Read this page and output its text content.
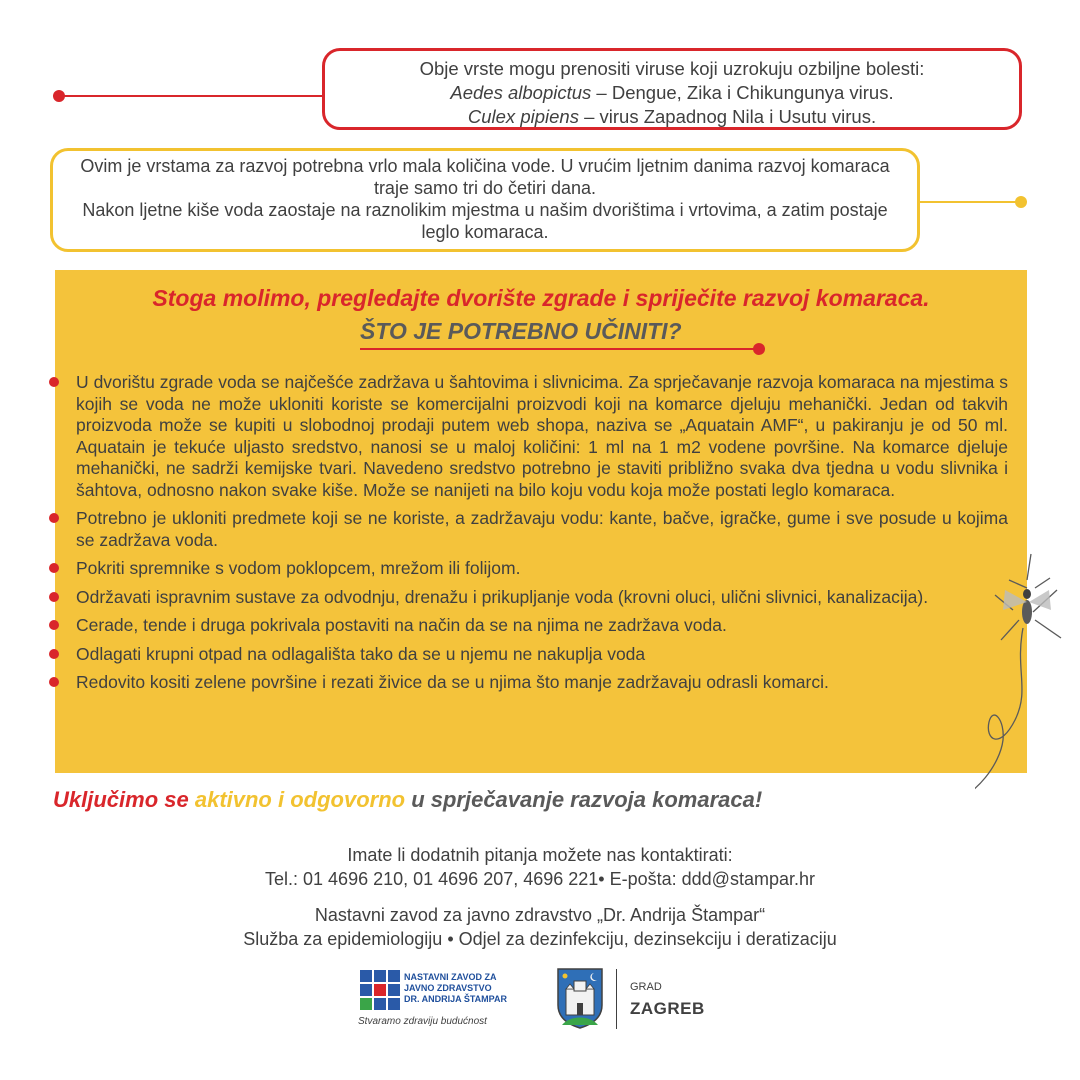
Obje vrste mogu prenositi viruse koji uzrokuju ozbiljne bolesti:
Aedes albopictus – Dengue, Zika i Chikungunya virus.
Culex pipiens – virus Zapadnog Nila i Usutu virus.
Ovim je vrstama za razvoj potrebna vrlo mala količina vode. U vrućim ljetnim danima razvoj komaraca traje samo tri do četiri dana.
Nakon ljetne kiše voda zaostaje na raznolikim mjestma u našim dvorištima i vrtovima, a zatim postaje leglo komaraca.
Stoga molimo, pregledajte dvorište zgrade i spriječite razvoj komaraca.
ŠTO JE POTREBNO UČINITI?
U dvorištu zgrade voda se najčešće zadržava u šahtovima i slivnicima. Za sprječavanje razvoja komaraca na mjestima s kojih se voda ne može ukloniti koriste se komercijalni proizvodi koji na komarce djeluju mehanički. Jedan od takvih proizvoda može se kupiti u slobodnoj prodaji putem web shopa, naziva se „Aquatain AMF“, u pakiranju je od 50 ml. Aquatain je tekuće uljasto sredstvo, nanosi se u maloj količini: 1 ml na 1 m2 vodene površine. Na komarce djeluje mehanički, ne sadrži kemijske tvari. Navedeno sredstvo potrebno je staviti približno svaka dva tjedna u vodu slivnika i šahtova, odnosno nakon svake kiše. Može se nanijeti na bilo koju vodu koja može postati leglo komaraca.
Potrebno je ukloniti predmete koji se ne koriste, a zadržavaju vodu: kante, bačve, igračke, gume i sve posude u kojima se zadržava voda.
Pokriti spremnike s vodom poklopcem, mrežom ili folijom.
Održavati ispravnim sustave za odvodnju, drenažu i prikupljanje voda (krovni oluci, ulični slivnici, kanalizacija).
Cerade, tende i druga pokrivala postaviti na način da se na njima ne zadržava voda.
Odlagati krupni otpad na odlagališta tako da se u njemu ne nakuplja voda
Redovito kositi zelene površine i rezati živice da se u njima što manje zadržavaju odrasli komarci.
Uključimo se aktivno i odgovorno u sprječavanje razvoja komaraca!
Imate li dodatnih pitanja možete nas kontaktirati:
Tel.: 01 4696 210, 01 4696 207, 4696 221• E-pošta: ddd@stampar.hr
Nastavni zavod za javno zdravstvo „Dr. Andrija Štampar“
Služba za epidemiologiju • Odjel za dezinfekciju, dezinsekciju i deratizaciju
NASTAVNI ZAVOD ZA
JAVNO ZDRAVSTVO
DR. ANDRIJA ŠTAMPAR
Stvaramo zdraviju budućnost
GRAD
ZAGREB
